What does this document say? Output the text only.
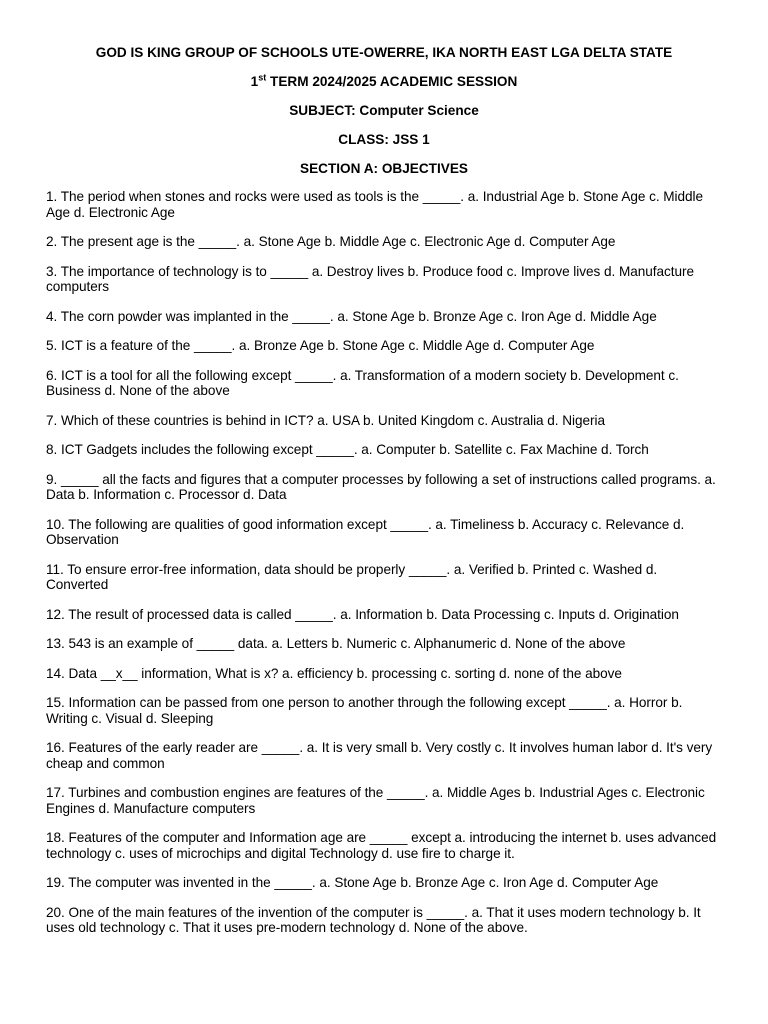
GOD IS KING GROUP OF SCHOOLS UTE-OWERRE, IKA NORTH EAST LGA DELTA STATE
1st TERM 2024/2025 ACADEMIC SESSION
SUBJECT: Computer Science
CLASS: JSS 1
SECTION A: OBJECTIVES

1. The period when stones and rocks were used as tools is the _____. a. Industrial Age b. Stone Age c. Middle Age d. Electronic Age

2. The present age is the _____. a. Stone Age b. Middle Age c. Electronic Age d. Computer Age

3. The importance of technology is to _____ a. Destroy lives b. Produce food c. Improve lives d. Manufacture computers

4. The corn powder was implanted in the _____. a. Stone Age b. Bronze Age c. Iron Age d. Middle Age

5. ICT is a feature of the _____. a. Bronze Age b. Stone Age c. Middle Age d. Computer Age

6. ICT is a tool for all the following except _____. a. Transformation of a modern society b. Development c. Business d. None of the above

7. Which of these countries is behind in ICT? a. USA b. United Kingdom c. Australia d. Nigeria

8. ICT Gadgets includes the following except _____. a. Computer b. Satellite c. Fax Machine d. Torch

9. _____ all the facts and figures that a computer processes by following a set of instructions called programs. a. Data b. Information c. Processor d. Data

10. The following are qualities of good information except _____. a. Timeliness b. Accuracy c. Relevance d. Observation

11. To ensure error-free information, data should be properly _____. a. Verified b. Printed c. Washed d. Converted

12. The result of processed data is called _____. a. Information b. Data Processing c. Inputs d. Origination

13. 543 is an example of _____ data. a. Letters b. Numeric c. Alphanumeric d. None of the above

14. Data __x__ information, What is x? a. efficiency b. processing c. sorting d. none of the above

15. Information can be passed from one person to another through the following except _____. a. Horror b. Writing c. Visual d. Sleeping

16. Features of the early reader are _____. a. It is very small b. Very costly c. It involves human labor d. It's very cheap and common

17. Turbines and combustion engines are features of the _____. a. Middle Ages b. Industrial Ages c. Electronic Engines d. Manufacture computers

18. Features of the computer and Information age are _____ except a. introducing the internet b. uses advanced technology c. uses of microchips and digital Technology d. use fire to charge it.

19. The computer was invented in the _____. a. Stone Age b. Bronze Age c. Iron Age d. Computer Age

20. One of the main features of the invention of the computer is _____. a. That it uses modern technology b. It uses old technology c. That it uses pre-modern technology d. None of the above.
